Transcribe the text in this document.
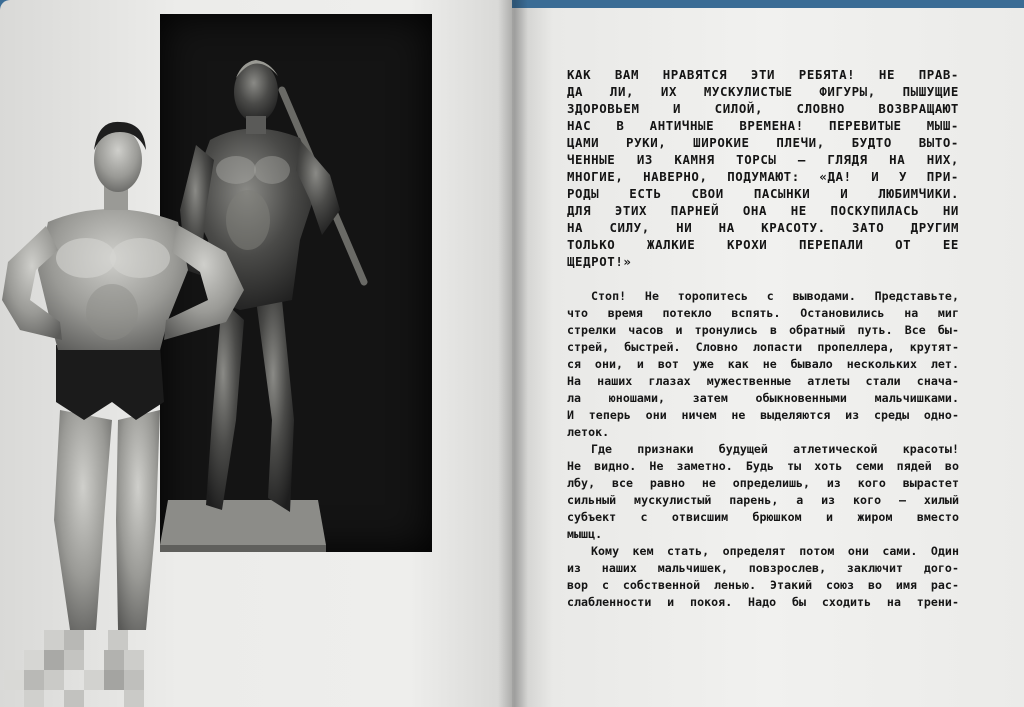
КАК ВАМ НРАВЯТСЯ ЭТИ РЕБЯТА! НЕ ПРАВ-
ДА ЛИ, ИХ МУСКУЛИСТЫЕ ФИГУРЫ, ПЫШУЩИЕ
ЗДОРОВЬЕМ И СИЛОЙ, СЛОВНО ВОЗВРАЩАЮТ
НАС В АНТИЧНЫЕ ВРЕМЕНА! ПЕРЕВИТЫЕ МЫШ-
ЦАМИ РУКИ, ШИРОКИЕ ПЛЕЧИ, БУДТО ВЫТО-
ЧЕННЫЕ ИЗ КАМНЯ ТОРСЫ — ГЛЯДЯ НА НИХ,
МНОГИЕ, НАВЕРНО, ПОДУМАЮТ: «ДА! И У ПРИ-
РОДЫ ЕСТЬ СВОИ ПАСЫНКИ И ЛЮБИМЧИКИ.
ДЛЯ ЭТИХ ПАРНЕЙ ОНА НЕ ПОСКУПИЛАСЬ НИ
НА СИЛУ, НИ НА КРАСОТУ. ЗАТО ДРУГИМ
ТОЛЬКО ЖАЛКИЕ КРОХИ ПЕРЕПАЛИ ОТ ЕЕ
ЩЕДРОТ!»
Стоп! Не торопитесь с выводами. Представьте,
что время потекло вспять. Остановились на миг
стрелки часов и тронулись в обратный путь. Все бы-
стрей, быстрей. Словно лопасти пропеллера, крутят-
ся они, и вот уже как не бывало нескольких лет.
На наших глазах мужественные атлеты стали снача-
ла юношами, затем обыкновенными мальчишками.
И теперь они ничем не выделяются из среды одно-
леток.
Где признаки будущей атлетической красоты!
Не видно. Не заметно. Будь ты хоть семи пядей во
лбу, все равно не определишь, из кого вырастет
сильный мускулистый парень, а из кого — хилый
субъект с отвисшим брюшком и жиром вместо
мышц.
Кому кем стать, определят потом они сами. Один
из наших мальчишек, повзрослев, заключит дого-
вор с собственной ленью. Этакий союз во имя рас-
слабленности и покоя. Надо бы сходить на трени-
